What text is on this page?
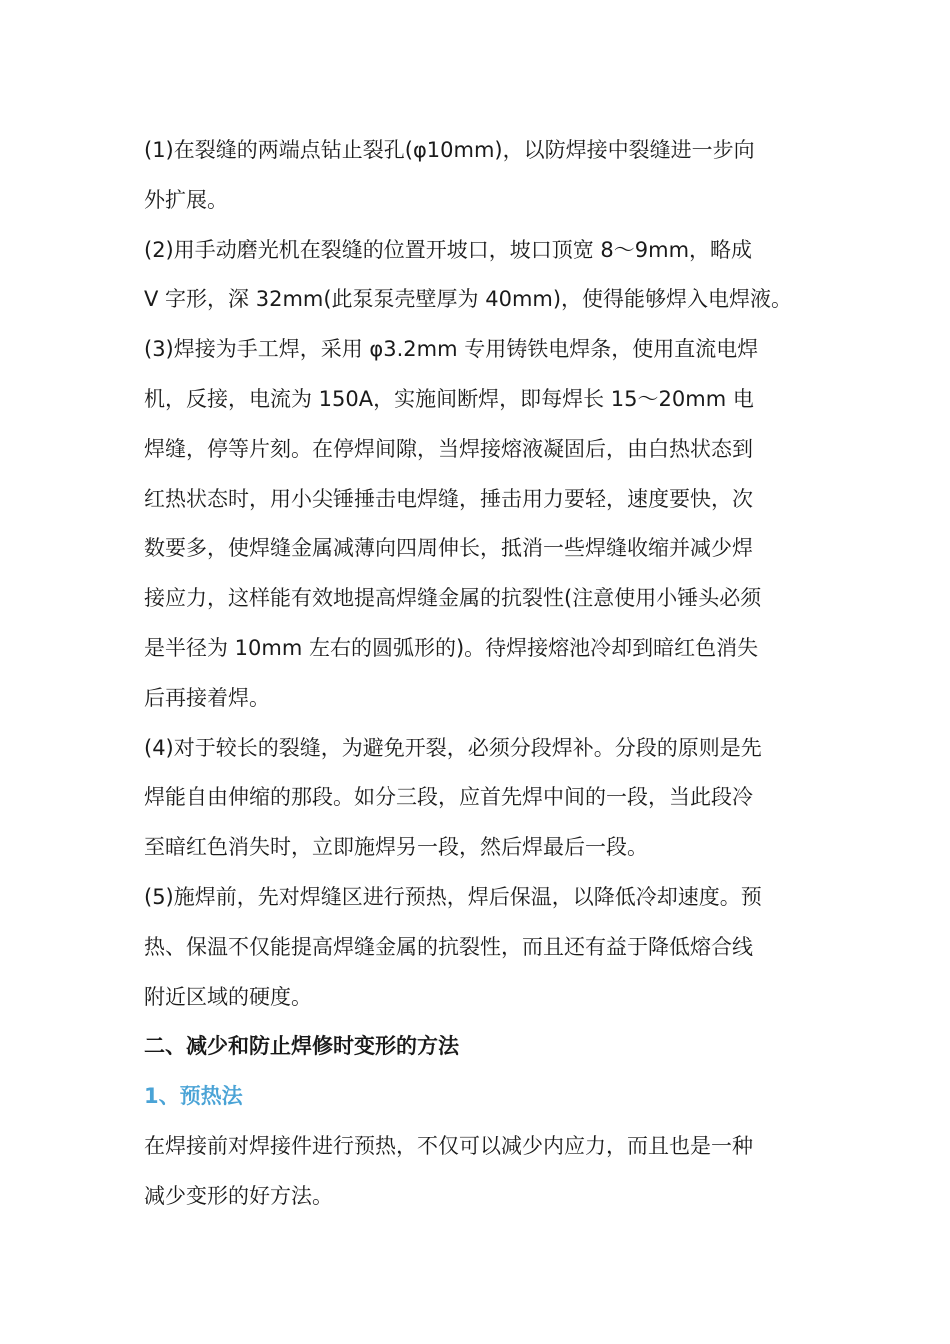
(1)在裂缝的两端点钻止裂孔(φ10mm)，以防焊接中裂缝进一步向
外扩展。

(2)用手动磨光机在裂缝的位置开坡口，坡口顶宽 8～9mm，略成
V 字形，深 32mm(此泵泵壳壁厚为 40mm)，使得能够焊入电焊液。

(3)焊接为手工焊，采用 φ3.2mm 专用铸铁电焊条，使用直流电焊
机，反接，电流为 150A，实施间断焊，即每焊长 15～20mm 电
焊缝，停等片刻。在停焊间隙，当焊接熔液凝固后，由白热状态到
红热状态时，用小尖锤捶击电焊缝，捶击用力要轻，速度要快，次
数要多，使焊缝金属减薄向四周伸长，抵消一些焊缝收缩并减少焊
接应力，这样能有效地提高焊缝金属的抗裂性(注意使用小锤头必须
是半径为 10mm 左右的圆弧形的)。待焊接熔池冷却到暗红色消失
后再接着焊。

(4)对于较长的裂缝，为避免开裂，必须分段焊补。分段的原则是先
焊能自由伸缩的那段。如分三段，应首先焊中间的一段，当此段冷
至暗红色消失时，立即施焊另一段，然后焊最后一段。

(5)施焊前，先对焊缝区进行预热，焊后保温，以降低冷却速度。预
热、保温不仅能提高焊缝金属的抗裂性，而且还有益于降低熔合线
附近区域的硬度。

二、减少和防止焊修时变形的方法

1、预热法

在焊接前对焊接件进行预热，不仅可以减少内应力，而且也是一种
减少变形的好方法。
